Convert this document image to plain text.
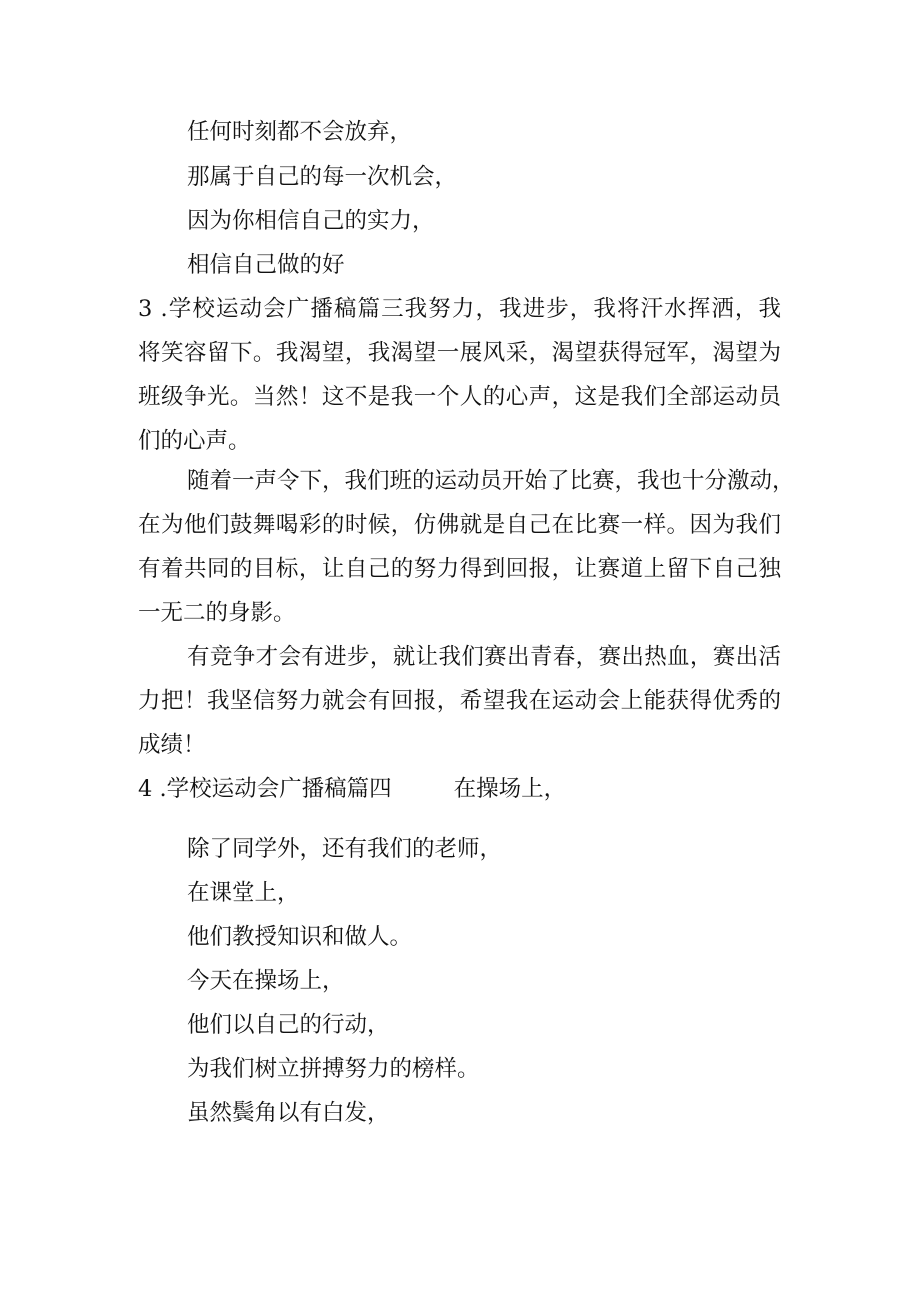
任何时刻都不会放弃，

那属于自己的每一次机会，

因为你相信自己的实力，

相信自己做的好

3 .学校运动会广播稿篇三我努力，我进步，我将汗水挥洒，我

将笑容留下。我渴望，我渴望一展风采，渴望获得冠军，渴望为

班级争光。当然！这不是我一个人的心声，这是我们全部运动员

们的心声。

随着一声令下，我们班的运动员开始了比赛，我也十分激动，

在为他们鼓舞喝彩的时候，仿佛就是自己在比赛一样。因为我们

有着共同的目标，让自己的努力得到回报，让赛道上留下自己独

一无二的身影。

有竞争才会有进步，就让我们赛出青春，赛出热血，赛出活

力把！我坚信努力就会有回报，希望我在运动会上能获得优秀的

成绩！

4 .学校运动会广播稿篇四	在操场上，

除了同学外，还有我们的老师，

在课堂上，

他们教授知识和做人。

今天在操场上，

他们以自己的行动，

为我们树立拼搏努力的榜样。

虽然鬓角以有白发，
